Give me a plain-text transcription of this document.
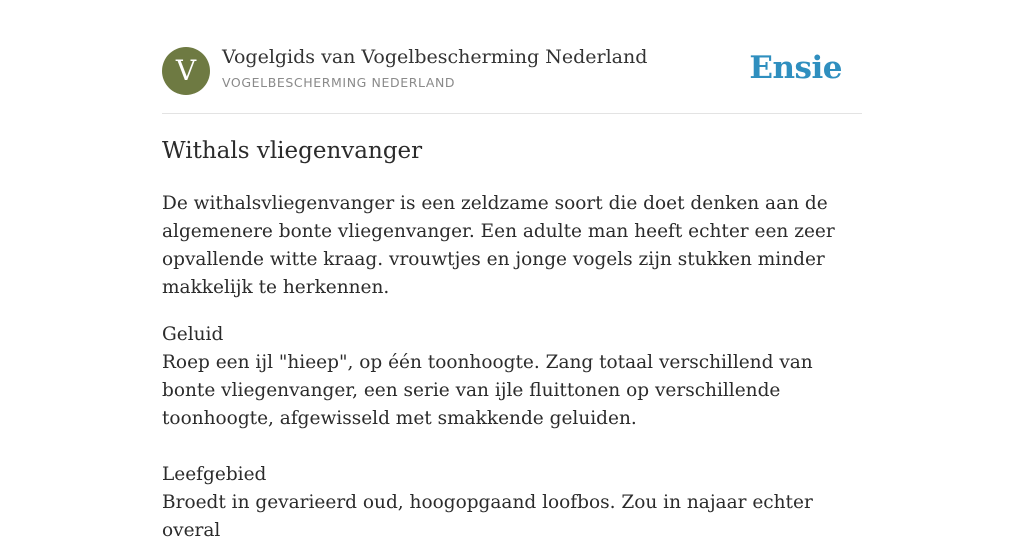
V	Vogelgids van Vogelbescherming Nederland
VOGELBESCHERMING NEDERLAND	Ensie
Withals vliegenvanger

De withalsvliegenvanger is een zeldzame soort die doet denken aan de algemenere bonte vliegenvanger. Een adulte man heeft echter een zeer opvallende witte kraag. vrouwtjes en jonge vogels zijn stukken minder makkelijk te herkennen.

Geluid
Roep een ijl "hieep", op één toonhoogte. Zang totaal verschillend van bonte vliegenvanger, een serie van ijle fluittonen op verschillende toonhoogte, afgewisseld met smakkende geluiden.
Leefgebied
Broedt in gevarieerd oud, hoogopgaand loofbos. Zou in najaar echter overal
